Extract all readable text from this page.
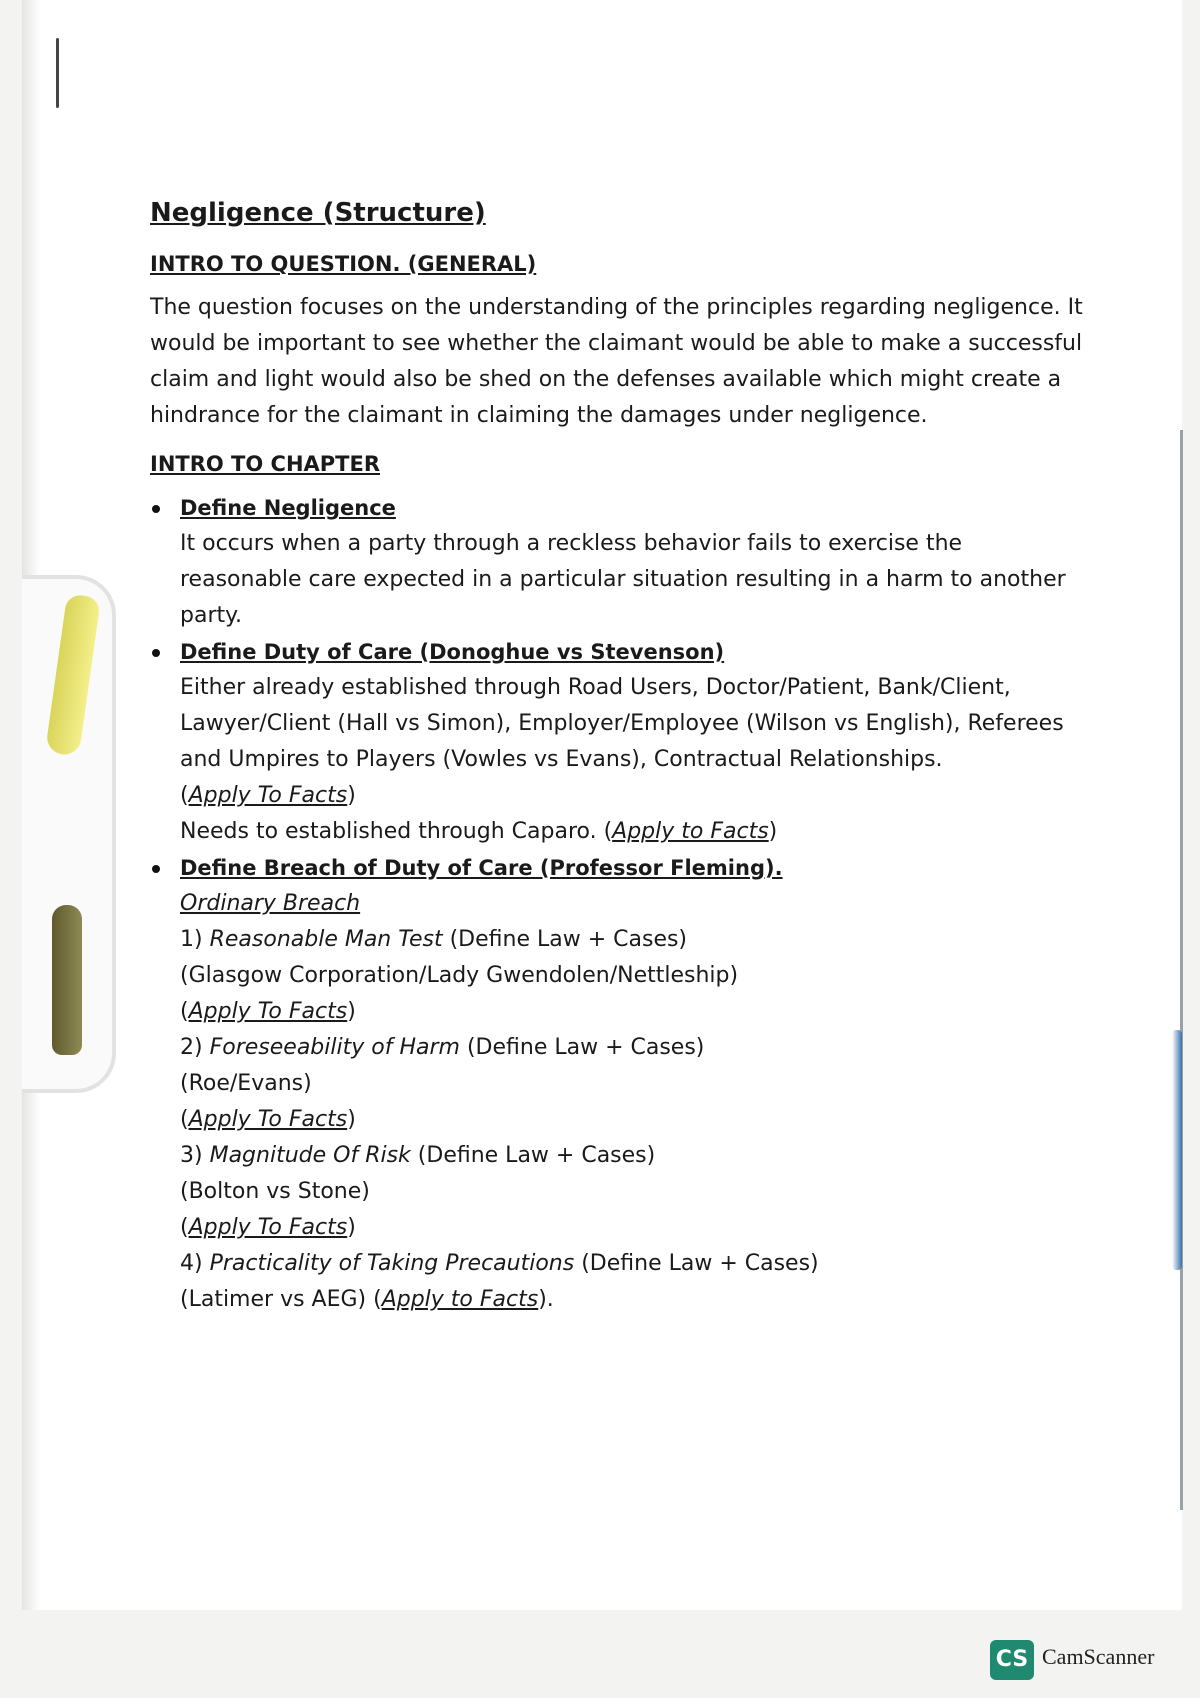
Negligence (Structure)
INTRO TO QUESTION. (GENERAL)
The question focuses on the understanding of the principles regarding negligence. It would be important to see whether the claimant would be able to make a successful claim and light would also be shed on the defenses available which might create a hindrance for the claimant in claiming the damages under negligence.
INTRO TO CHAPTER
Define Negligence
It occurs when a party through a reckless behavior fails to exercise the reasonable care expected in a particular situation resulting in a harm to another party.
Define Duty of Care (Donoghue vs Stevenson)
Either already established through Road Users, Doctor/Patient, Bank/Client, Lawyer/Client (Hall vs Simon), Employer/Employee (Wilson vs English), Referees and Umpires to Players (Vowles vs Evans), Contractual Relationships.
(Apply To Facts)
Needs to established through Caparo. (Apply to Facts)
Define Breach of Duty of Care (Professor Fleming).
Ordinary Breach
1) Reasonable Man Test (Define Law + Cases)
(Glasgow Corporation/Lady Gwendolen/Nettleship)
(Apply To Facts)
2) Foreseeability of Harm (Define Law + Cases)
(Roe/Evans)
(Apply To Facts)
3) Magnitude Of Risk (Define Law + Cases)
(Bolton vs Stone)
(Apply To Facts)
4) Practicality of Taking Precautions (Define Law + Cases)
(Latimer vs AEG) (Apply to Facts).
CS CamScanner
